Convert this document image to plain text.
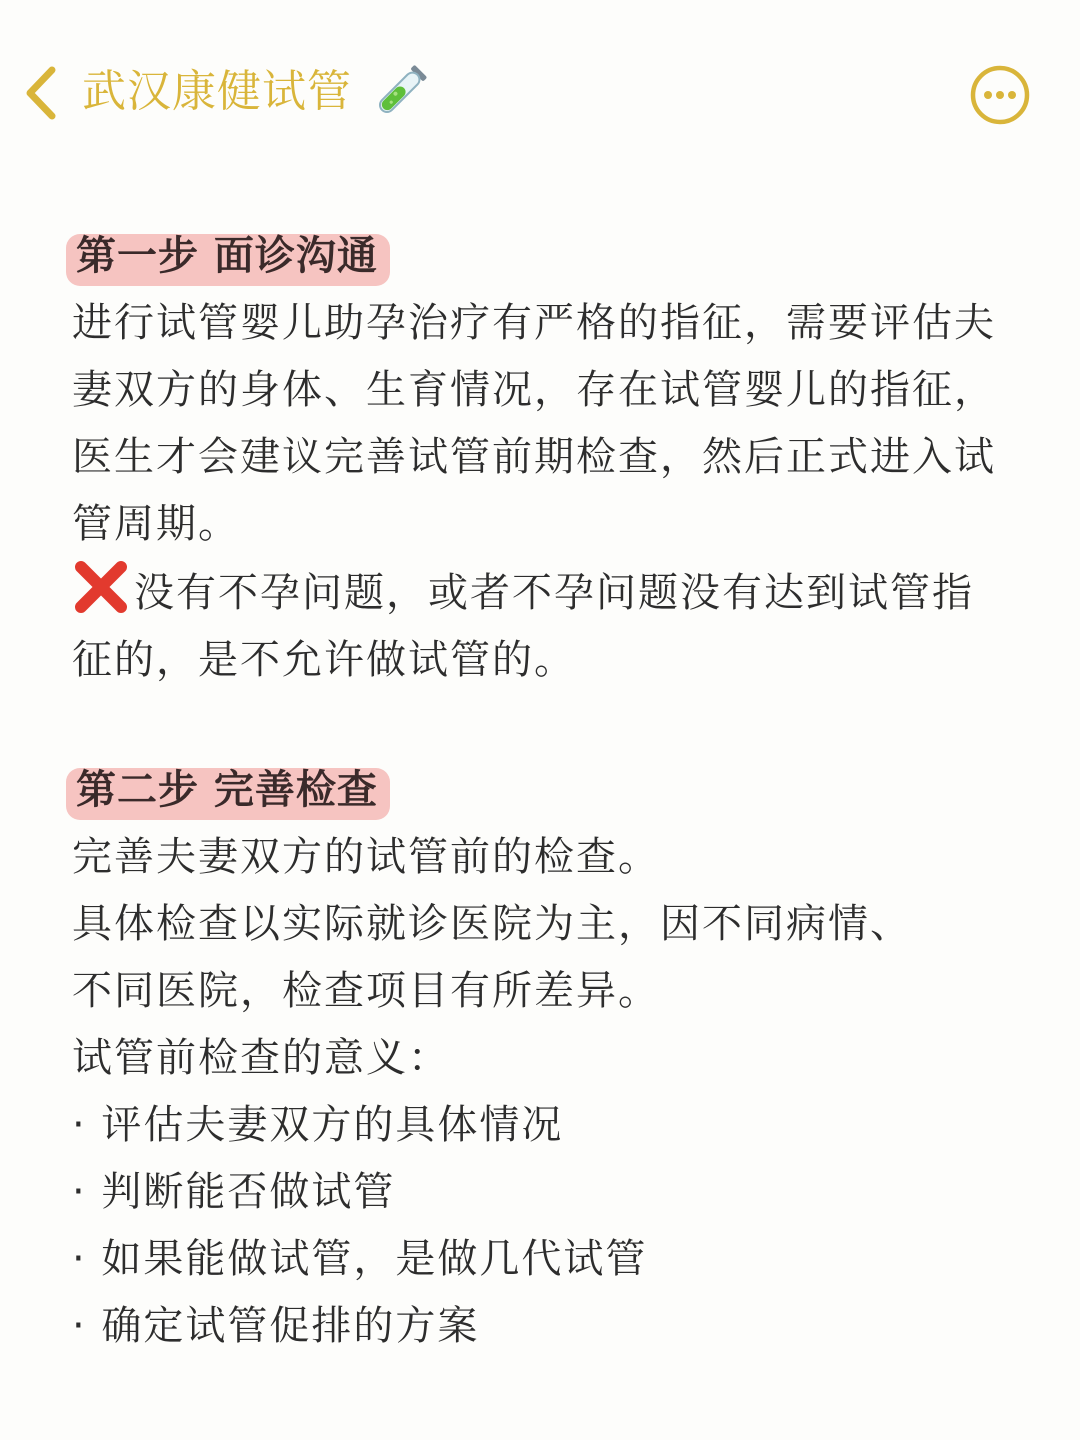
武汉康健试管
第一步 面诊沟通

进行试管婴儿助孕治疗有严格的指征，需要评估夫妻双方的身体、生育情况，存在试管婴儿的指征，医生才会建议完善试管前期检查，然后正式进入试管周期。

没有不孕问题，或者不孕问题没有达到试管指征的，是不允许做试管的。

第二步 完善检查

完善夫妻双方的试管前的检查。

具体检查以实际就诊医院为主，因不同病情、不同医院，检查项目有所差异。

试管前检查的意义：

· 评估夫妻双方的具体情况

· 判断能否做试管

· 如果能做试管，是做几代试管

· 确定试管促排的方案
